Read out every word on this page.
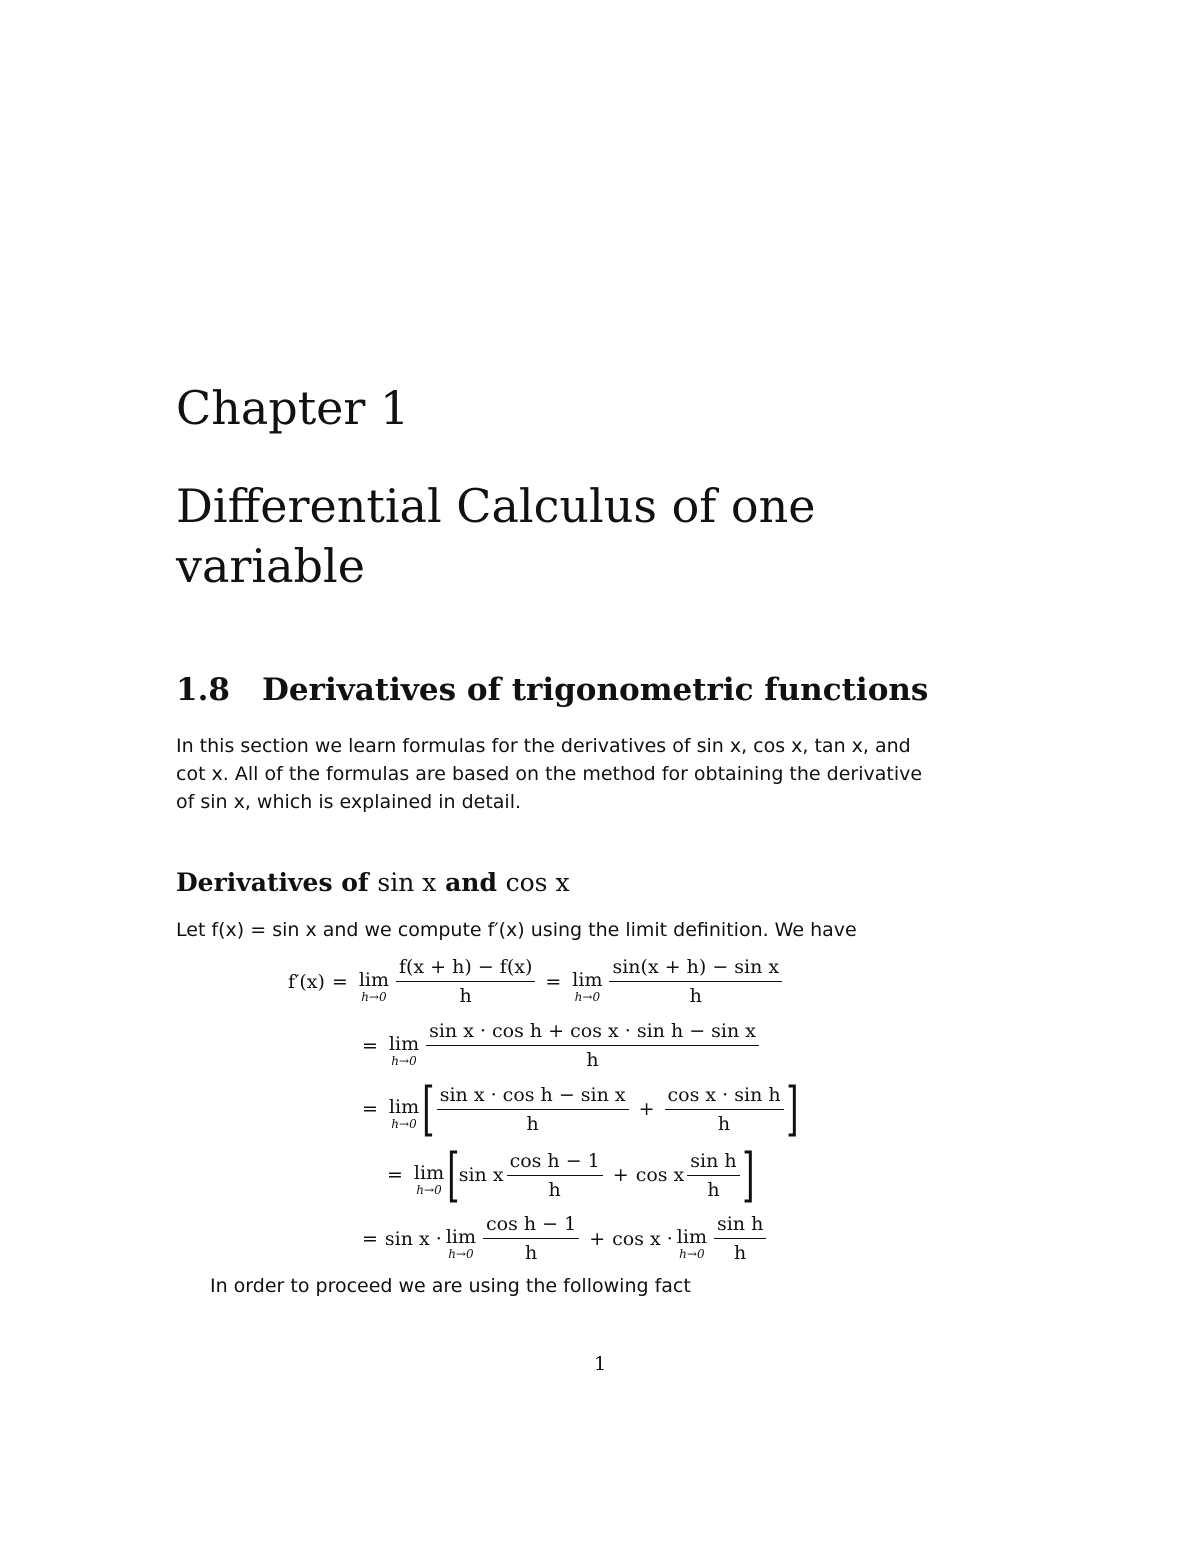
Chapter 1
Differential Calculus of one variable
1.8 Derivatives of trigonometric functions
In this section we learn formulas for the derivatives of sin x, cos x, tan x, and cot x. All of the formulas are based on the method for obtaining the derivative of sin x, which is explained in detail.
Derivatives of sin x and cos x
Let f(x) = sin x and we compute f′(x) using the limit definition. We have
f′(x) = lim
$h\to 0 \frac{f(x + h) - f(x)}{h} = \lim$
$h\to 0 \frac{\text{sin(x + h) − sin x}}{h}$
= lim
$h\to 0 \frac{\text{sin x · cos h + cos x · sin h − sin x}}{h}$
= lim
h→0 [ $\frac{\text{sin x · cos h − sin x}}{h} + \frac{\text{cos x · sin h}}{h}$ ]
= lim
h→0 [ sin x $\frac{\text{cos h − 1}}{h} + \cos x \frac{\text{sin h}}{h}$ ]
= sin x · lim
$h\to 0 \frac{\text{cos h − 1}}{h} + \cos x \cdot \lim$
$h\to 0 \frac{\text{sin h}}{h}$
In order to proceed we are using the following fact
1
